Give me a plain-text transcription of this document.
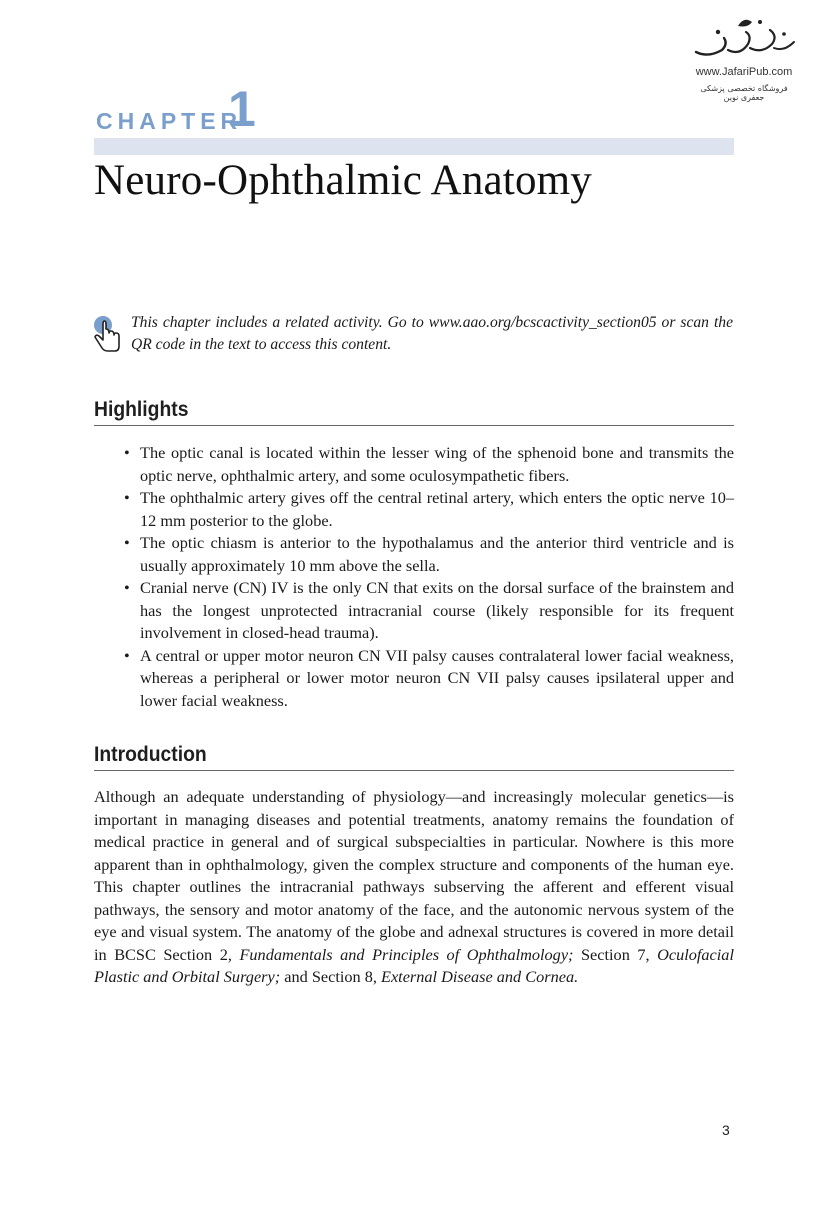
www.JafariPub.com
فروشگاه تخصصی پزشکی جعفری نوین
CHAPTER
1
Neuro-Ophthalmic Anatomy
This chapter includes a related activity. Go to www.aao.org/bcscactivity_section05 or scan the QR code in the text to access this content.
Highlights
• The optic canal is located within the lesser wing of the sphenoid bone and transmits the optic nerve, ophthalmic artery, and some oculosympathetic fibers.
• The ophthalmic artery gives off the central retinal artery, which enters the optic nerve 10–12 mm posterior to the globe.
• The optic chiasm is anterior to the hypothalamus and the anterior third ventricle and is usually approximately 10 mm above the sella.
• Cranial nerve (CN) IV is the only CN that exits on the dorsal surface of the brainstem and has the longest unprotected intracranial course (likely responsible for its frequent involvement in closed-head trauma).
• A central or upper motor neuron CN VII palsy causes contralateral lower facial weakness, whereas a peripheral or lower motor neuron CN VII palsy causes ipsilateral upper and lower facial weakness.
Introduction

Although an adequate understanding of physiology—and increasingly molecular genetics—is important in managing diseases and potential treatments, anatomy remains the foundation of medical practice in general and of surgical subspecialties in particular. Nowhere is this more apparent than in ophthalmology, given the complex structure and components of the human eye. This chapter outlines the intracranial pathways subserving the afferent and efferent visual pathways, the sensory and motor anatomy of the face, and the autonomic nervous system of the eye and visual system. The anatomy of the globe and adnexal structures is covered in more detail in BCSC Section 2, Fundamentals and Principles of Ophthalmology; Section 7, Oculofacial Plastic and Orbital Surgery; and Section 8, External Disease and Cornea.

3
